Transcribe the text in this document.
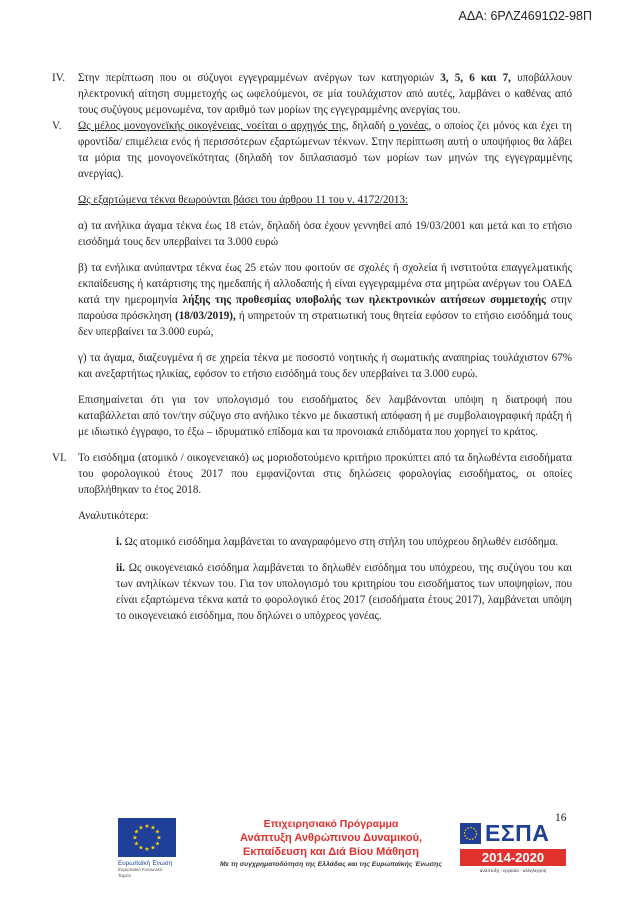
ΑΔΑ: 6ΡΛΖ4691Ω2-98Π
IV.	Στην περίπτωση που οι σύζυγοι εγγεγραμμένων ανέργων των κατηγοριών 3, 5, 6 και 7, υποβάλλουν ηλεκτρονική αίτηση συμμετοχής ως ωφελούμενοι, σε μία τουλάχιστον από αυτές, λαμβάνει ο καθένας από τους συζύγους μεμονωμένα, τον αριθμό των μορίων της εγγεγραμμένης ανεργίας του.

V.	Ως μέλος μονογονεϊκής οικογένειας, νοείται ο αρχηγός της, δηλαδή ο γονέας, ο οποίος ζει μόνος και έχει τη φροντίδα/ επιμέλεια ενός ή περισσότερων εξαρτώμενων τέκνων. Στην περίπτωση αυτή ο υποψήφιος θα λάβει τα μόρια της μονογονεϊκότητας (δηλαδή τον διπλασιασμό των μορίων των μηνών της εγγεγραμμένης ανεργίας).

Ως εξαρτώμενα τέκνα θεωρούνται βάσει του άρθρου 11 του ν. 4172/2013:

α) τα ανήλικα άγαμα τέκνα έως 18 ετών, δηλαδή όσα έχουν γεννηθεί από 19/03/2001 και μετά και το ετήσιο εισόδημά τους δεν υπερβαίνει τα 3.000 ευρώ

β) τα ενήλικα ανύπαντρα τέκνα έως 25 ετών που φοιτούν σε σχολές ή σχολεία ή ινστιτούτα επαγγελματικής εκπαίδευσης ή κατάρτισης της ημεδαπής ή αλλοδαπής ή είναι εγγεγραμμένα στα μητρώα ανέργων του ΟΑΕΔ κατά την ημερομηνία λήξης της προθεσμίας υποβολής των ηλεκτρονικών αιτήσεων συμμετοχής στην παρούσα πρόσκληση (18/03/2019), ή υπηρετούν τη στρατιωτική τους θητεία εφόσον το ετήσιο εισόδημά τους δεν υπερβαίνει τα 3.000 ευρώ,

γ) τα άγαμα, διαζευγμένα ή σε χηρεία τέκνα με ποσοστό νοητικής ή σωματικής αναπηρίας τουλάχιστον 67% και ανεξαρτήτως ηλικίας, εφόσον το ετήσιο εισόδημά τους δεν υπερβαίνει τα 3.000 ευρώ.

Επισημαίνεται ότι για τον υπολογισμό του εισοδήματος δεν λαμβάνονται υπόψη η διατροφή που καταβάλλεται από τον/την σύζυγο στο ανήλικο τέκνο με δικαστική απόφαση ή με συμβολαιογραφική πράξη ή με ιδιωτικό έγγραφο, το έξω – ιδρυματικό επίδομα και τα προνοιακά επιδόματα που χορηγεί το κράτος.

VI.	Το εισόδημα (ατομικό / οικογενειακό) ως μοριοδοτούμενο κριτήριο προκύπτει από τα δηλωθέντα εισοδήματα του φορολογικού έτους 2017 που εμφανίζονται στις δηλώσεις φορολογίας εισοδήματος, οι οποίες υποβλήθηκαν το έτος 2018.

Αναλυτικότερα:

i. Ως ατομικό εισόδημα λαμβάνεται το αναγραφόμενο στη στήλη του υπόχρεου δηλωθέν εισόδημα.

ii. Ως οικογενειακό εισόδημα λαμβάνεται το δηλωθέν εισόδημα του υπόχρεου, της συζύγου του και των ανηλίκων τέκνων του. Για τον υπολογισμό του κριτηρίου του εισοδήματος των υποψηφίων, που είναι εξαρτώμενα τέκνα κατά το φορολογικό έτος 2017 (εισοδήματα έτους 2017), λαμβάνεται υπόψη το οικογενειακό εισόδημα, που δηλώνει ο υπόχρεος γονέας.

16
★ ★
★
★
★
★
★
★
★
★
★
★
Ευρωπαϊκή Ένωση
Ευρωπαϊκό Κοινωνικό Ταμείο
Επιχειρησιακό Πρόγραμμα
Ανάπτυξη Ανθρώπινου Δυναμικού,
Εκπαίδευση και Διά Βίου Μάθηση
Με τη συγχρηματοδότηση της Ελλάδας και της Ευρωπαϊκής Ένωσης
ΕΣΠΑ
2014-2020
ανάπτυξη - εργασία - αλληλεγγύη
